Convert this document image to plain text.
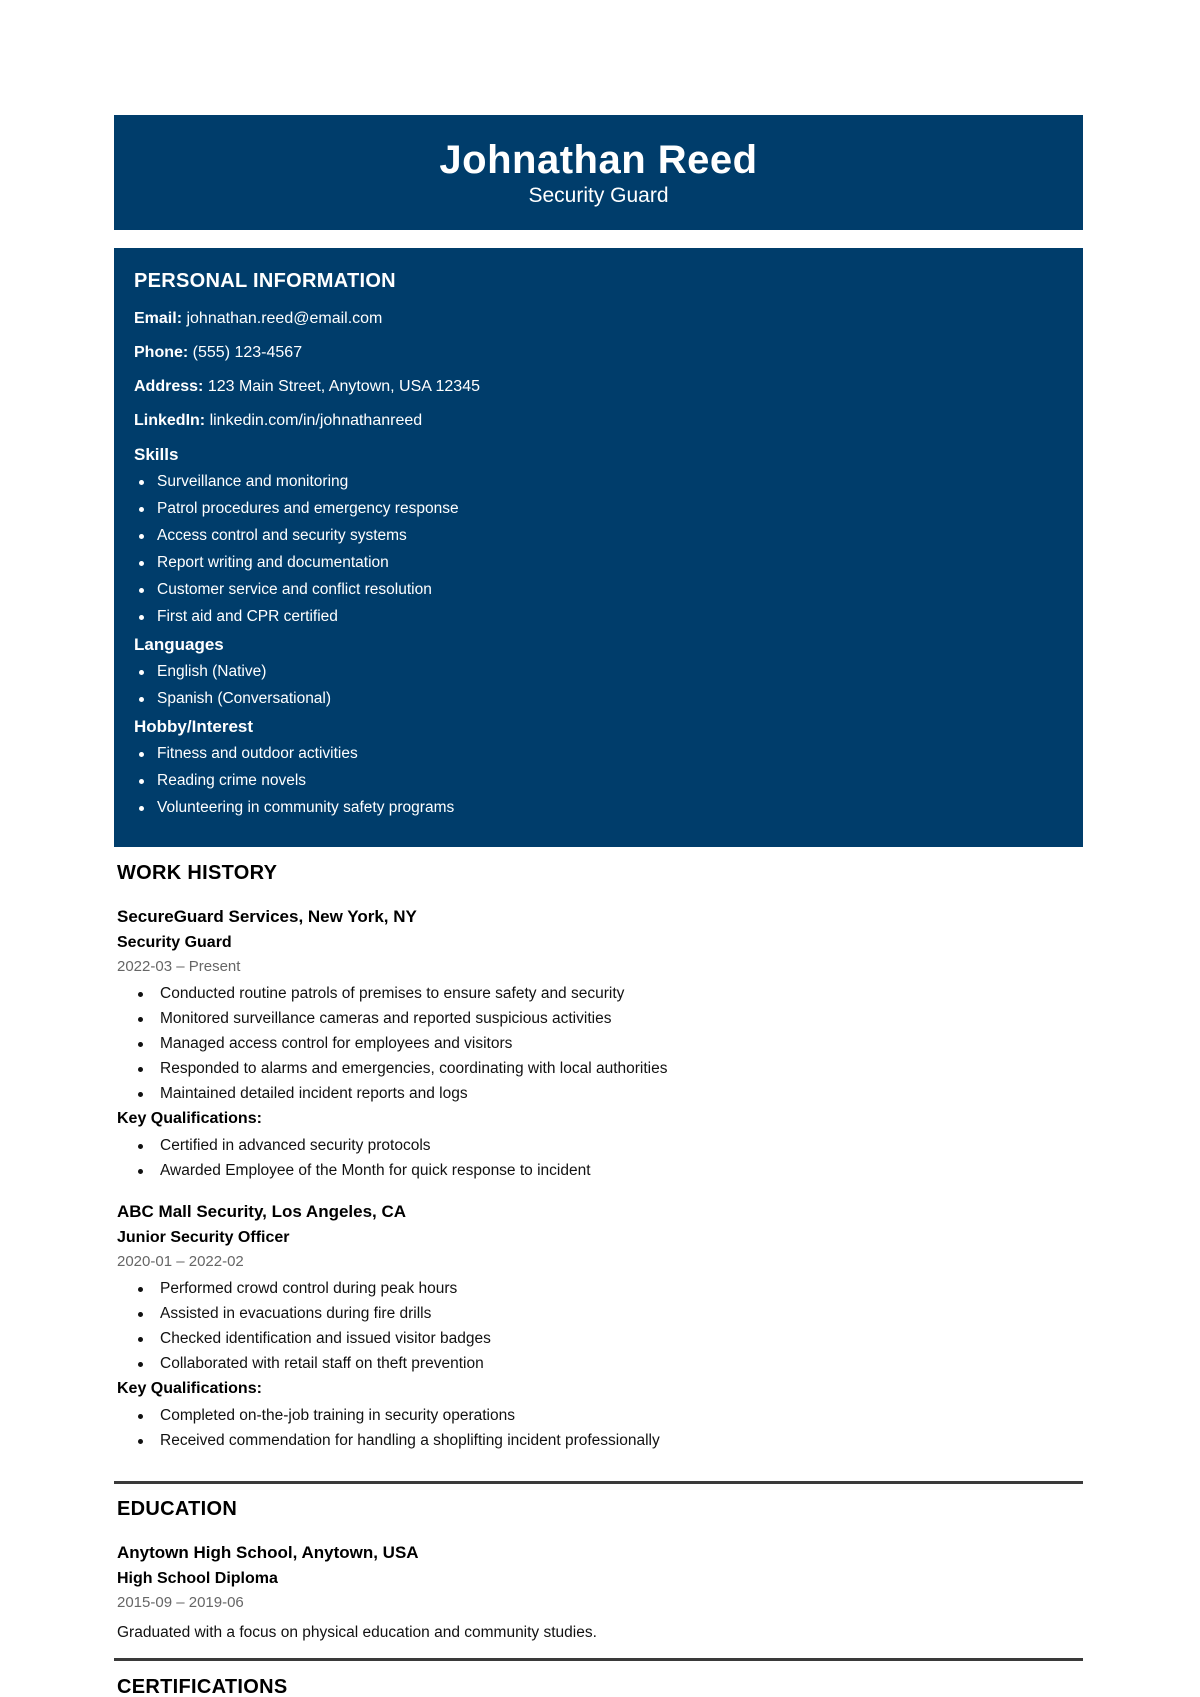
Johnathan Reed
Security Guard
PERSONAL INFORMATION

Email: johnathan.reed@email.com

Phone: (555) 123-4567

Address: 123 Main Street, Anytown, USA 12345

LinkedIn: linkedin.com/in/johnathanreed

Skills
Surveillance and monitoring
Patrol procedures and emergency response
Access control and security systems
Report writing and documentation
Customer service and conflict resolution
First aid and CPR certified
Languages
English (Native)
Spanish (Conversational)
Hobby/Interest
Fitness and outdoor activities
Reading crime novels
Volunteering in community safety programs
WORK HISTORY
SecureGuard Services, New York, NY
Security Guard
2022-03 – Present
Conducted routine patrols of premises to ensure safety and security
Monitored surveillance cameras and reported suspicious activities
Managed access control for employees and visitors
Responded to alarms and emergencies, coordinating with local authorities
Maintained detailed incident reports and logs
Key Qualifications:
Certified in advanced security protocols
Awarded Employee of the Month for quick response to incident
ABC Mall Security, Los Angeles, CA
Junior Security Officer
2020-01 – 2022-02
Performed crowd control during peak hours
Assisted in evacuations during fire drills
Checked identification and issued visitor badges
Collaborated with retail staff on theft prevention
Key Qualifications:
Completed on-the-job training in security operations
Received commendation for handling a shoplifting incident professionally
EDUCATION
Anytown High School, Anytown, USA
High School Diploma
2015-09 – 2019-06

Graduated with a focus on physical education and community studies.

CERTIFICATIONS
